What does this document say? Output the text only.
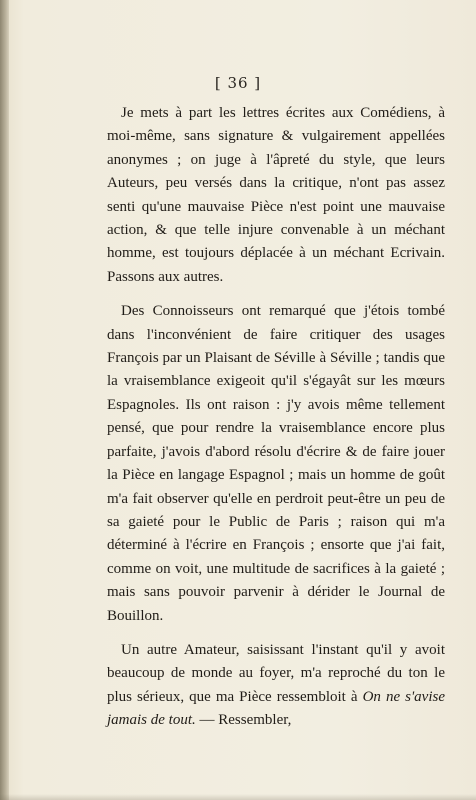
[ 36 ]

Je mets à part les lettres écrites aux Comédiens, à moi-même, sans signature & vulgairement appellées anonymes ; on juge à l'âpreté du style, que leurs Auteurs, peu versés dans la critique, n'ont pas assez senti qu'une mauvaise Pièce n'est point une mauvaise action, & que telle injure convenable à un méchant homme, est toujours déplacée à un méchant Ecrivain. Passons aux autres.

Des Connoisseurs ont remarqué que j'étois tombé dans l'inconvénient de faire critiquer des usages François par un Plaisant de Séville à Séville ; tandis que la vraisemblance exigeoit qu'il s'égayât sur les mœurs Espagnoles. Ils ont raison : j'y avois même tellement pensé, que pour rendre la vraisemblance encore plus parfaite, j'avois d'abord résolu d'écrire & de faire jouer la Pièce en langage Espagnol ; mais un homme de goût m'a fait observer qu'elle en perdroit peut-être un peu de sa gaieté pour le Public de Paris ; raison qui m'a déterminé à l'écrire en François ; ensorte que j'ai fait, comme on voit, une multitude de sacrifices à la gaieté ; mais sans pouvoir parvenir à dérider le Journal de Bouillon.

Un autre Amateur, saisissant l'instant qu'il y avoit beaucoup de monde au foyer, m'a reproché du ton le plus sérieux, que ma Pièce ressembloit à On ne s'avise jamais de tout. — Ressembler,
